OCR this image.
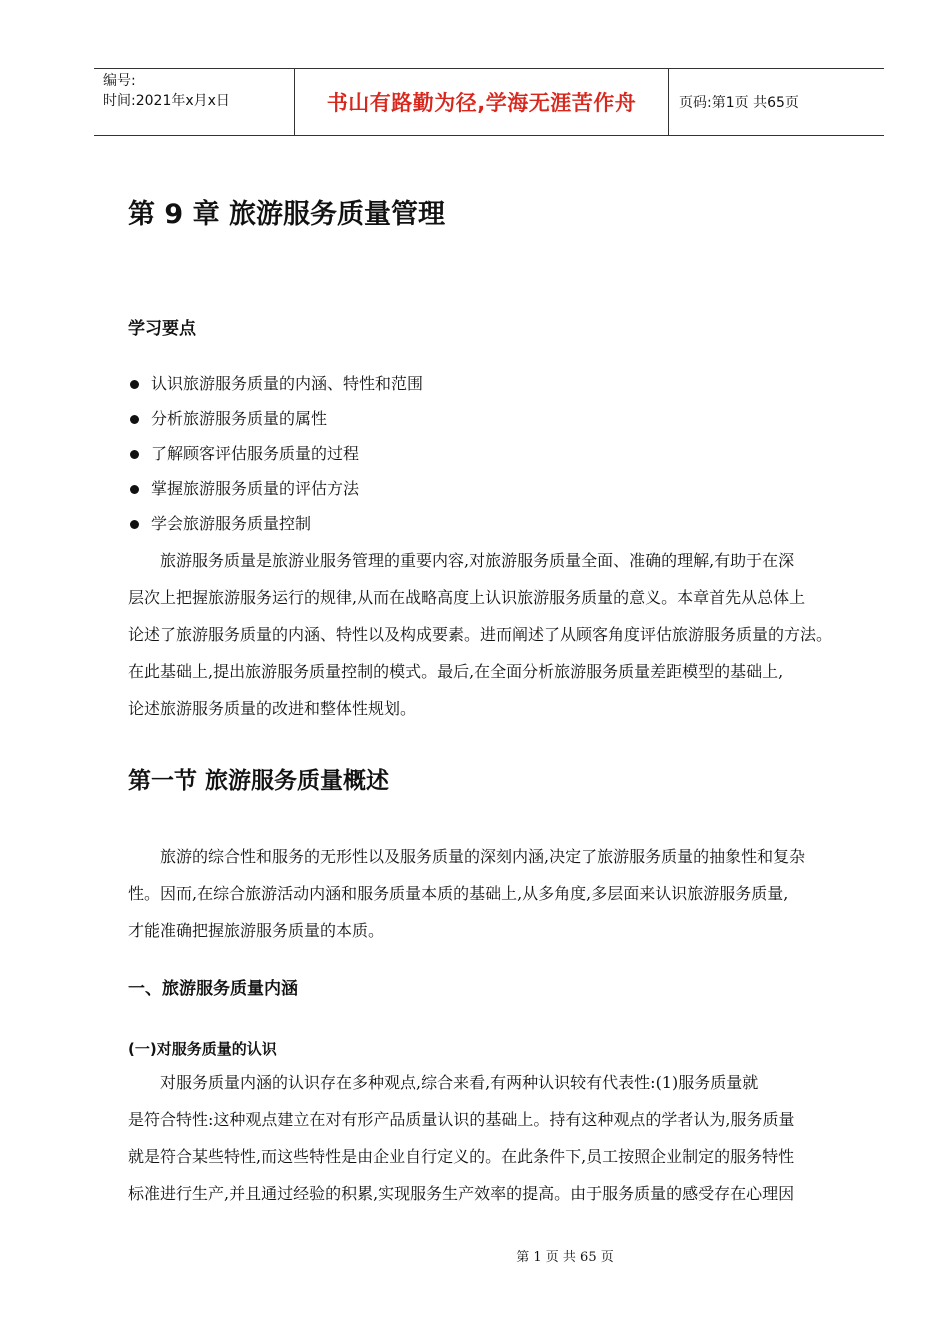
编号:
时间:2021年x月x日	书山有路勤为径,学海无涯苦作舟	页码:第1页 共65页
第 9 章 旅游服务质量管理
学习要点
认识旅游服务质量的内涵、特性和范围
分析旅游服务质量的属性
了解顾客评估服务质量的过程
掌握旅游服务质量的评估方法
学会旅游服务质量控制

旅游服务质量是旅游业服务管理的重要内容,对旅游服务质量全面、准确的理解,有助于在深
层次上把握旅游服务运行的规律,从而在战略高度上认识旅游服务质量的意义。本章首先从总体上
论述了旅游服务质量的内涵、特性以及构成要素。进而阐述了从顾客角度评估旅游服务质量的方法。
在此基础上,提出旅游服务质量控制的模式。最后,在全面分析旅游服务质量差距模型的基础上,
论述旅游服务质量的改进和整体性规划。

第一节 旅游服务质量概述

旅游的综合性和服务的无形性以及服务质量的深刻内涵,决定了旅游服务质量的抽象性和复杂
性。因而,在综合旅游活动内涵和服务质量本质的基础上,从多角度,多层面来认识旅游服务质量,
才能准确把握旅游服务质量的本质。

一、旅游服务质量内涵
(一)对服务质量的认识

对服务质量内涵的认识存在多种观点,综合来看,有两种认识较有代表性:(1)服务质量就
是符合特性:这种观点建立在对有形产品质量认识的基础上。持有这种观点的学者认为,服务质量
就是符合某些特性,而这些特性是由企业自行定义的。在此条件下,员工按照企业制定的服务特性
标准进行生产,并且通过经验的积累,实现服务生产效率的提高。由于服务质量的感受存在心理因

第 1 页 共 65 页
